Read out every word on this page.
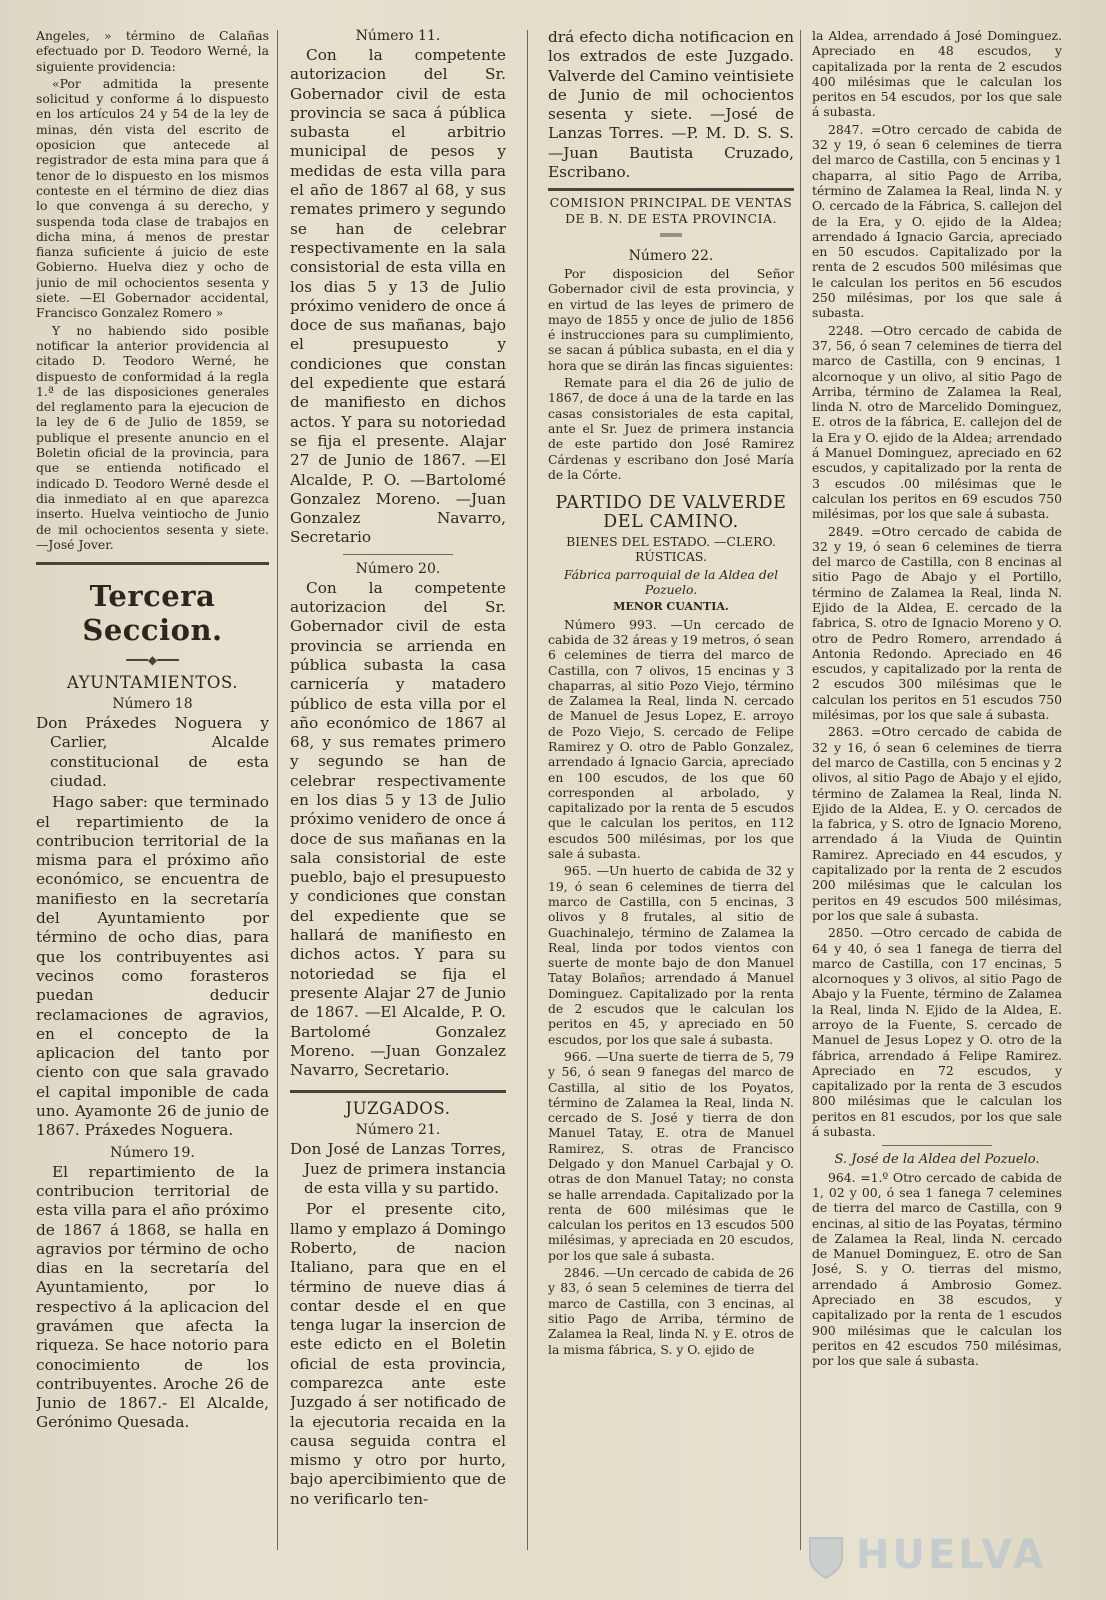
Angeles, » término de Calañas efectuado por D. Teodoro Werné, la siguiente providencia:

«Por admitida la presente solicitud y conforme á lo dispuesto en los artículos 24 y 54 de la ley de minas, dén vista del escrito de oposicion que antecede al registrador de esta mina para que á tenor de lo dispuesto en los mismos conteste en el término de diez dias lo que convenga á su derecho, y suspenda toda clase de trabajos en dicha mina, á menos de prestar fianza suficiente á juicio de este Gobierno. Huelva diez y ocho de junio de mil ochocientos sesenta y siete. —El Gobernador accidental, Francisco Gonzalez Romero »

Y no habiendo sido posible notificar la anterior providencia al citado D. Teodoro Werné, he dispuesto de conformidad á la regla 1.ª de las disposiciones generales del reglamento para la ejecucion de la ley de 6 de Julio de 1859, se publique el presente anuncio en el Boletin oficial de la provincia, para que se entienda notificado el indicado D. Teodoro Werné desde el dia inmediato al en que aparezca inserto. Huelva veintiocho de Junio de mil ochocientos sesenta y siete. —José Jover.

Tercera Seccion.
━━━◆━━━
AYUNTAMIENTOS.
Número 18

Don Práxedes Noguera y Carlier, Alcalde constitucional de esta ciudad.

Hago saber: que terminado el repartimiento de la contribucion territorial de la misma para el próximo año económico, se encuentra de manifiesto en la secretaría del Ayuntamiento por término de ocho dias, para que los contribuyentes asi vecinos como forasteros puedan deducir reclamaciones de agravios, en el concepto de la aplicacion del tanto por ciento con que sala gravado el capital imponible de cada uno. Ayamonte 26 de junio de 1867. Práxedes Noguera.

Número 19.

El repartimiento de la contribucion territorial de esta villa para el año próximo de 1867 á 1868, se halla en agravios por término de ocho dias en la secretaría del Ayuntamiento, por lo respectivo á la aplicacion del gravámen que afecta la riqueza. Se hace notorio para conocimiento de los contribuyentes. Aroche 26 de Junio de 1867.- El Alcalde, Gerónimo Quesada.

Número 11.

Con la competente autorizacion del Sr. Gobernador civil de esta provincia se saca á pública subasta el arbitrio municipal de pesos y medidas de esta villa para el año de 1867 al 68, y sus remates primero y segundo se han de celebrar respectivamente en la sala consistorial de esta villa en los dias 5 y 13 de Julio próximo venidero de once á doce de sus mañanas, bajo el presupuesto y condiciones que constan del expediente que estará de manifiesto en dichos actos. Y para su notoriedad se fija el presente. Alajar 27 de Junio de 1867. —El Alcalde, P. O. —Bartolomé Gonzalez Moreno. —Juan Gonzalez Navarro, Secretario

Número 20.

Con la competente autorizacion del Sr. Gobernador civil de esta provincia se arrienda en pública subasta la casa carnicería y matadero público de esta villa por el año económico de 1867 al 68, y sus remates primero y segundo se han de celebrar respectivamente en los dias 5 y 13 de Julio próximo venidero de once á doce de sus mañanas en la sala consistorial de este pueblo, bajo el presupuesto y condiciones que constan del expediente que se hallará de manifiesto en dichos actos. Y para su notoriedad se fija el presente Alajar 27 de Junio de 1867. —El Alcalde, P. O. Bartolomé Gonzalez Moreno. —Juan Gonzalez Navarro, Secretario.

JUZGADOS.
Número 21.

Don José de Lanzas Torres, Juez de primera instancia de esta villa y su partido.

Por el presente cito, llamo y emplazo á Domingo Roberto, de nacion Italiano, para que en el término de nueve dias á contar desde el en que tenga lugar la insercion de este edicto en el Boletin oficial de esta provincia, comparezca ante este Juzgado á ser notificado de la ejecutoria recaida en la causa seguida contra el mismo y otro por hurto, bajo apercibimiento que de no verificarlo ten-

drá efecto dicha notificacion en los extrados de este Juzgado. Valverde del Camino veintisiete de Junio de mil ochocientos sesenta y siete. —José de Lanzas Torres. —P. M. D. S. S. —Juan Bautista Cruzado, Escribano.

COMISION PRINCIPAL DE VENTAS DE B. N. DE ESTA PROVINCIA.

═══
Número 22.

Por disposicion del Señor Gobernador civil de esta provincia, y en virtud de las leyes de primero de mayo de 1855 y once de julio de 1856 é instrucciones para su cumplimiento, se sacan á pública subasta, en el dia y hora que se dirán las fincas siguientes:

Remate para el dia 26 de julio de 1867, de doce á una de la tarde en las casas consistoriales de esta capital, ante el Sr. Juez de primera instancia de este partido don José Ramirez Cárdenas y escribano don José María de la Córte.

PARTIDO DE VALVERDE DEL CAMINO.

BIENES DEL ESTADO. —CLERO. RÚSTICAS.

Fábrica parroquial de la Aldea del Pozuelo.

MENOR CUANTIA.

Número 993. —Un cercado de cabida de 32 áreas y 19 metros, ó sean 6 celemines de tierra del marco de Castilla, con 7 olivos, 15 encinas y 3 chaparras, al sitio Pozo Viejo, término de Zalamea la Real, linda N. cercado de Manuel de Jesus Lopez, E. arroyo de Pozo Viejo, S. cercado de Felipe Ramirez y O. otro de Pablo Gonzalez, arrendado á Ignacio Garcia, apreciado en 100 escudos, de los que 60 corresponden al arbolado, y capitalizado por la renta de 5 escudos que le calculan los peritos, en 112 escudos 500 milésimas, por los que sale á subasta.

965. —Un huerto de cabida de 32 y 19, ó sean 6 celemines de tierra del marco de Castilla, con 5 encinas, 3 olivos y 8 frutales, al sitio de Guachinalejo, término de Zalamea la Real, linda por todos vientos con suerte de monte bajo de don Manuel Tatay Bolaños; arrendado á Manuel Dominguez. Capitalizado por la renta de 2 escudos que le calculan los peritos en 45, y apreciado en 50 escudos, por los que sale á subasta.

966. —Una suerte de tierra de 5, 79 y 56, ó sean 9 fanegas del marco de Castilla, al sitio de los Poyatos, término de Zalamea la Real, linda N. cercado de S. José y tierra de don Manuel Tatay, E. otra de Manuel Ramirez, S. otras de Francisco Delgado y don Manuel Carbajal y O. otras de don Manuel Tatay; no consta se halle arrendada. Capitalizado por la renta de 600 milésimas que le calculan los peritos en 13 escudos 500 milésimas, y apreciada en 20 escudos, por los que sale á subasta.

2846. —Un cercado de cabida de 26 y 83, ó sean 5 celemines de tierra del marco de Castilla, con 3 encinas, al sitio Pago de Arriba, término de Zalamea la Real, linda N. y E. otros de la misma fábrica, S. y O. ejido de

la Aldea, arrendado á José Dominguez. Apreciado en 48 escudos, y capitalizada por la renta de 2 escudos 400 milésimas que le calculan los peritos en 54 escudos, por los que sale á subasta.

2847. =Otro cercado de cabida de 32 y 19, ó sean 6 celemines de tierra del marco de Castilla, con 5 encinas y 1 chaparra, al sitio Pago de Arriba, término de Zalamea la Real, linda N. y O. cercado de la Fábrica, S. callejon del de la Era, y O. ejido de la Aldea; arrendado á Ignacio Garcia, apreciado en 50 escudos. Capitalizado por la renta de 2 escudos 500 milésimas que le calculan los peritos en 56 escudos 250 milésimas, por los que sale á subasta.

2248. —Otro cercado de cabida de 37, 56, ó sean 7 celemines de tierra del marco de Castilla, con 9 encinas, 1 alcornoque y un olivo, al sitio Pago de Arriba, término de Zalamea la Real, linda N. otro de Marcelido Dominguez, E. otros de la fábrica, E. callejon del de la Era y O. ejido de la Aldea; arrendado á Manuel Dominguez, apreciado en 62 escudos, y capitalizado por la renta de 3 escudos .00 milésimas que le calculan los peritos en 69 escudos 750 milésimas, por los que sale á subasta.

2849. =Otro cercado de cabida de 32 y 19, ó sean 6 celemines de tierra del marco de Castilla, con 8 encinas al sitio Pago de Abajo y el Portillo, término de Zalamea la Real, linda N. Ejido de la Aldea, E. cercado de la fabrica, S. otro de Ignacio Moreno y O. otro de Pedro Romero, arrendado á Antonia Redondo. Apreciado en 46 escudos, y capitalizado por la renta de 2 escudos 300 milésimas que le calculan los peritos en 51 escudos 750 milésimas, por los que sale á subasta.

2863. =Otro cercado de cabida de 32 y 16, ó sean 6 celemines de tierra del marco de Castilla, con 5 encinas y 2 olivos, al sitio Pago de Abajo y el ejido, término de Zalamea la Real, linda N. Ejido de la Aldea, E. y O. cercados de la fabrica, y S. otro de Ignacio Moreno, arrendado á la Viuda de Quintin Ramirez. Apreciado en 44 escudos, y capitalizado por la renta de 2 escudos 200 milésimas que le calculan los peritos en 49 escudos 500 milésimas, por los que sale á subasta.

2850. —Otro cercado de cabida de 64 y 40, ó sea 1 fanega de tierra del marco de Castilla, con 17 encinas, 5 alcornoques y 3 olivos, al sitio Pago de Abajo y la Fuente, término de Zalamea la Real, linda N. Ejido de la Aldea, E. arroyo de la Fuente, S. cercado de Manuel de Jesus Lopez y O. otro de la fábrica, arrendado á Felipe Ramirez. Apreciado en 72 escudos, y capitalizado por la renta de 3 escudos 800 milésimas que le calculan los peritos en 81 escudos, por los que sale á subasta.

S. José de la Aldea del Pozuelo.

964. =1.º Otro cercado de cabida de 1, 02 y 00, ó sea 1 fanega 7 celemines de tierra del marco de Castilla, con 9 encinas, al sitio de las Poyatas, término de Zalamea la Real, linda N. cercado de Manuel Dominguez, E. otro de San José, S. y O. tierras del mismo, arrendado á Ambrosio Gomez. Apreciado en 38 escudos, y capitalizado por la renta de 1 escudos 900 milésimas que le calculan los peritos en 42 escudos 750 milésimas, por los que sale á subasta.

HUELVA
